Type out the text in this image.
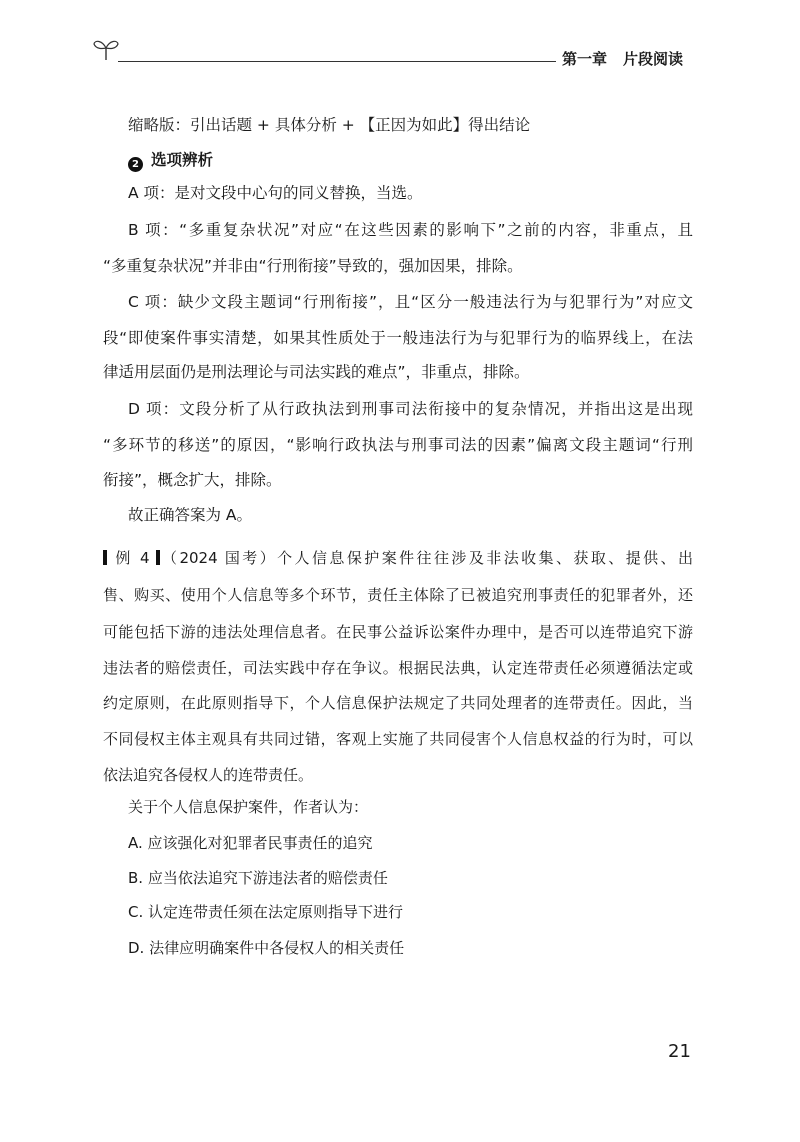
第一章 片段阅读
缩略版：引出话题 + 具体分析 + 【正因为如此】得出结论
2 选项辨析
A 项：是对文段中心句的同义替换，当选。
B 项：“多重复杂状况”对应“在这些因素的影响下”之前的内容，非重点，且
“多重复杂状况”并非由“行刑衔接”导致的，强加因果，排除。
C 项：缺少文段主题词“行刑衔接”，且“区分一般违法行为与犯罪行为”对应文
段“即使案件事实清楚，如果其性质处于一般违法行为与犯罪行为的临界线上，在法
律适用层面仍是刑法理论与司法实践的难点”，非重点，排除。
D 项：文段分析了从行政执法到刑事司法衔接中的复杂情况，并指出这是出现
“多环节的移送”的原因，“影响行政执法与刑事司法的因素”偏离文段主题词“行刑
衔接”，概念扩大，排除。
故正确答案为 A。
例 4 （2024 国考）个人信息保护案件往往涉及非法收集、获取、提供、出
售、购买、使用个人信息等多个环节，责任主体除了已被追究刑事责任的犯罪者外，还
可能包括下游的违法处理信息者。在民事公益诉讼案件办理中，是否可以连带追究下游
违法者的赔偿责任，司法实践中存在争议。根据民法典，认定连带责任必须遵循法定或
约定原则，在此原则指导下，个人信息保护法规定了共同处理者的连带责任。因此，当
不同侵权主体主观具有共同过错，客观上实施了共同侵害个人信息权益的行为时，可以
依法追究各侵权人的连带责任。
关于个人信息保护案件，作者认为：
A. 应该强化对犯罪者民事责任的追究
B. 应当依法追究下游违法者的赔偿责任
C. 认定连带责任须在法定原则指导下进行
D. 法律应明确案件中各侵权人的相关责任
21
